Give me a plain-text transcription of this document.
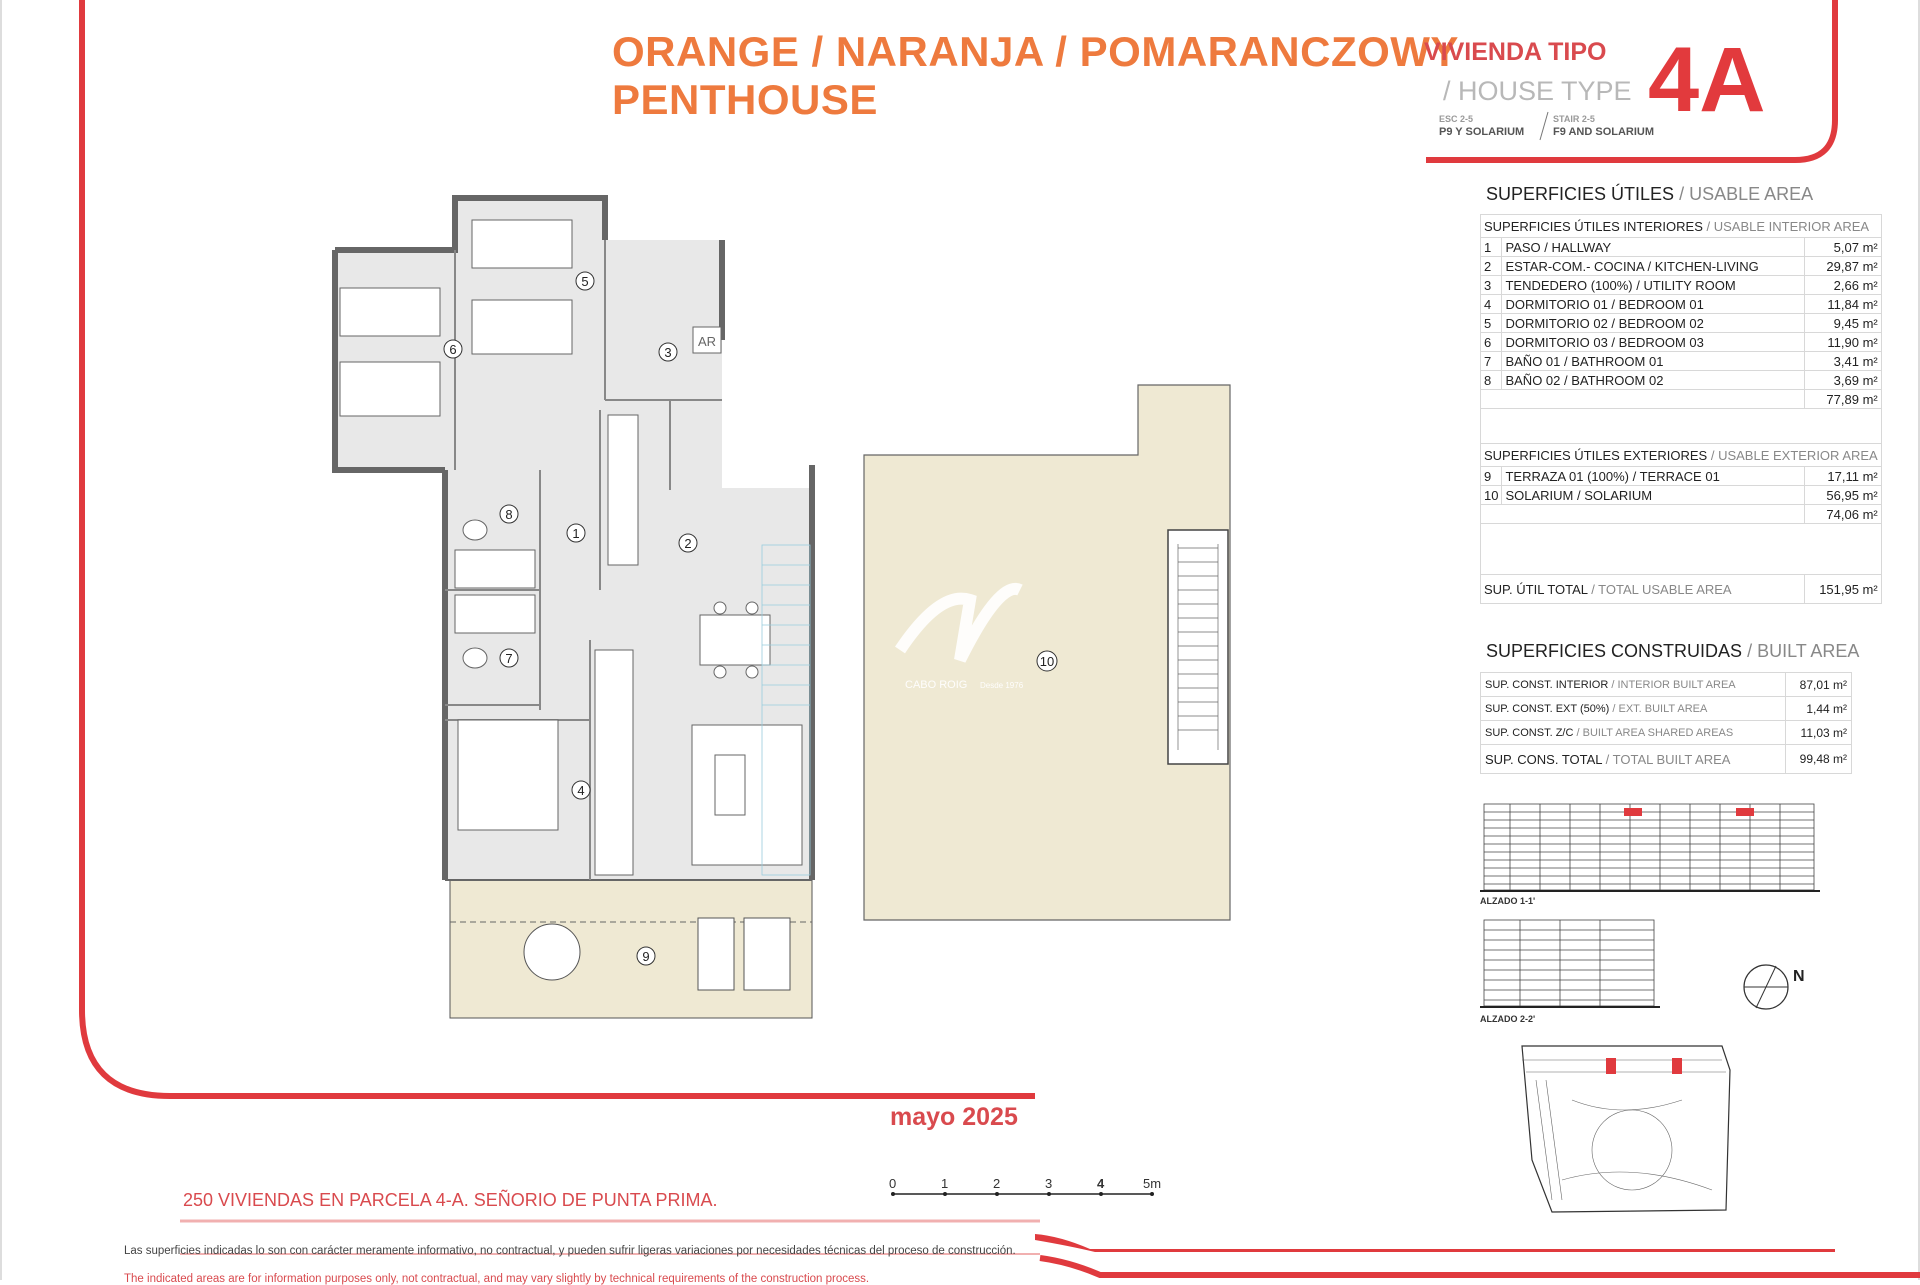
ORANGE / NARANJA / POMARANCZOWY
PENTHOUSE
VIVIENDA TIPO
/ HOUSE TYPE 4A
ESC 2-5
P9 Y SOLARIUM
STAIR 2-5
F9 AND SOLARIUM
SUPERFICIES ÚTILES / USABLE AREA
SUPERFICIES ÚTILES INTERIORES / USABLE INTERIOR AREA		
1	PASO / HALLWAY	5,07 m²
2	ESTAR-COM.- COCINA / KITCHEN-LIVING	29,87 m²
3	TENDEDERO (100%) / UTILITY ROOM	2,66 m²
4	DORMITORIO 01 / BEDROOM 01	11,84 m²
5	DORMITORIO 02 / BEDROOM 02	9,45 m²
6	DORMITORIO 03 / BEDROOM 03	11,90 m²
7	BAÑO 01 / BATHROOM 01	3,41 m²
8	BAÑO 02 / BATHROOM 02	3,69 m²
		77,89 m²

SUPERFICIES ÚTILES EXTERIORES / USABLE EXTERIOR AREA		
9	TERRAZA 01 (100%) / TERRACE 01	17,11 m²
10	SOLARIUM / SOLARIUM	56,95 m²
		74,06 m²

SUP. ÚTIL TOTAL / TOTAL USABLE AREA		151,95 m²
SUPERFICIES CONSTRUIDAS / BUILT AREA
SUP. CONST. INTERIOR / INTERIOR BUILT AREA	87,01 m²
SUP. CONST. EXT (50%) / EXT. BUILT AREA	1,44 m²
SUP. CONST. Z/C / BUILT AREA SHARED AREAS	11,03 m²
SUP. CONS. TOTAL / TOTAL BUILT AREA	99,48 m²
ALZADO 1-1'
ALZADO 2-2'
N
CABO ROIG Desde 1976
AR
1
2
3
4
5
6
7
8
9
10
mayo 2025
0	1	2	3	4	5m
250 VIVIENDAS EN PARCELA 4-A. SEÑORIO DE PUNTA PRIMA.
Las superficies indicadas lo son con carácter meramente informativo, no contractual, y pueden sufrir ligeras variaciones por necesidades técnicas del proceso de construcción.
The indicated areas are for information purposes only, not contractual, and may vary slightly by technical requirements of the construction process.
